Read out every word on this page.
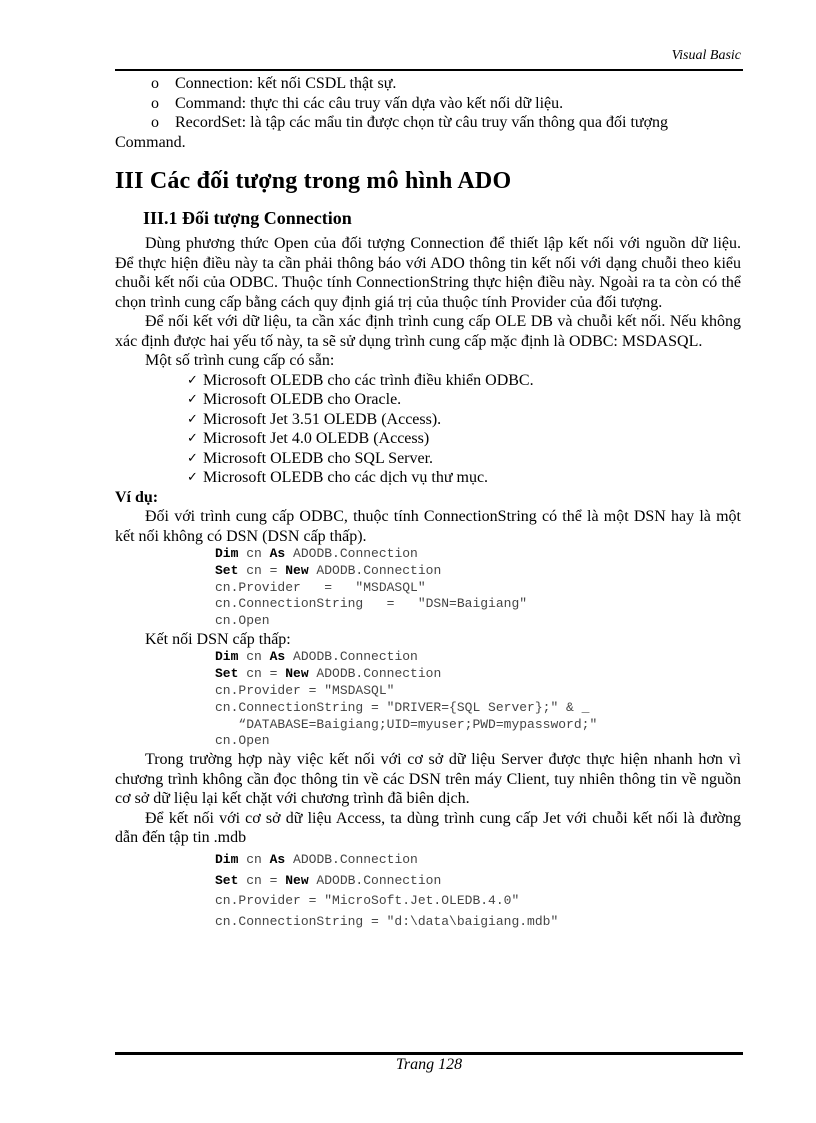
Visual Basic

o Connection: kết nối CSDL thật sự.

o Command: thực thi các câu truy vấn dựa vào kết nối dữ liệu.

o RecordSet: là tập các mẩu tin được chọn từ câu truy vấn thông qua đối tượng

Command.

III Các đối tượng trong mô hình ADO
III.1 Đối tượng Connection

Dùng phương thức Open của đối tượng Connection để thiết lập kết nối với nguồn dữ liệu. Để thực hiện điều này ta cần phải thông báo với ADO thông tin kết nối với dạng chuỗi theo kiểu chuỗi kết nối của ODBC. Thuộc tính ConnectionString thực hiện điều này. Ngoài ra ta còn có thể chọn trình cung cấp bằng cách quy định giá trị của thuộc tính Provider của đối tượng.

Để nối kết với dữ liệu, ta cần xác định trình cung cấp OLE DB và chuỗi kết nối. Nếu không xác định được hai yếu tố này, ta sẽ sử dụng trình cung cấp mặc định là ODBC: MSDASQL.

Một số trình cung cấp có sẵn:

✓ Microsoft OLEDB cho các trình điều khiển ODBC.
✓ Microsoft OLEDB cho Oracle.
✓ Microsoft Jet 3.51 OLEDB (Access).
✓ Microsoft Jet 4.0 OLEDB (Access)
✓ Microsoft OLEDB cho SQL Server.
✓ Microsoft OLEDB cho các dịch vụ thư mục.

Ví dụ:

Đối với trình cung cấp ODBC, thuộc tính ConnectionString có thể là một DSN hay là một kết nối không có DSN (DSN cấp thấp).

Dim cn As ADODB.Connection
Set cn = New ADODB.Connection
cn.Provider   =   "MSDASQL"
cn.ConnectionString   =   "DSN=Baigiang"
cn.Open

Kết nối DSN cấp thấp:

Dim cn As ADODB.Connection
Set cn = New ADODB.Connection
cn.Provider = "MSDASQL"
cn.ConnectionString = "DRIVER={SQL Server};" & _
“DATABASE=Baigiang;UID=myuser;PWD=mypassword;"
cn.Open

Trong trường hợp này việc kết nối với cơ sở dữ liệu Server được thực hiện nhanh hơn vì chương trình không cần đọc thông tin về các DSN trên máy Client, tuy nhiên thông tin về nguồn cơ sở dữ liệu lại kết chặt với chương trình đã biên dịch.

Để kết nối với cơ sở dữ liệu Access, ta dùng trình cung cấp Jet với chuỗi kết nối là đường dẫn đến tập tin .mdb

Dim cn As ADODB.Connection
Set cn = New ADODB.Connection
cn.Provider = "MicroSoft.Jet.OLEDB.4.0"
cn.ConnectionString = "d:\data\baigiang.mdb"
Trang 128
